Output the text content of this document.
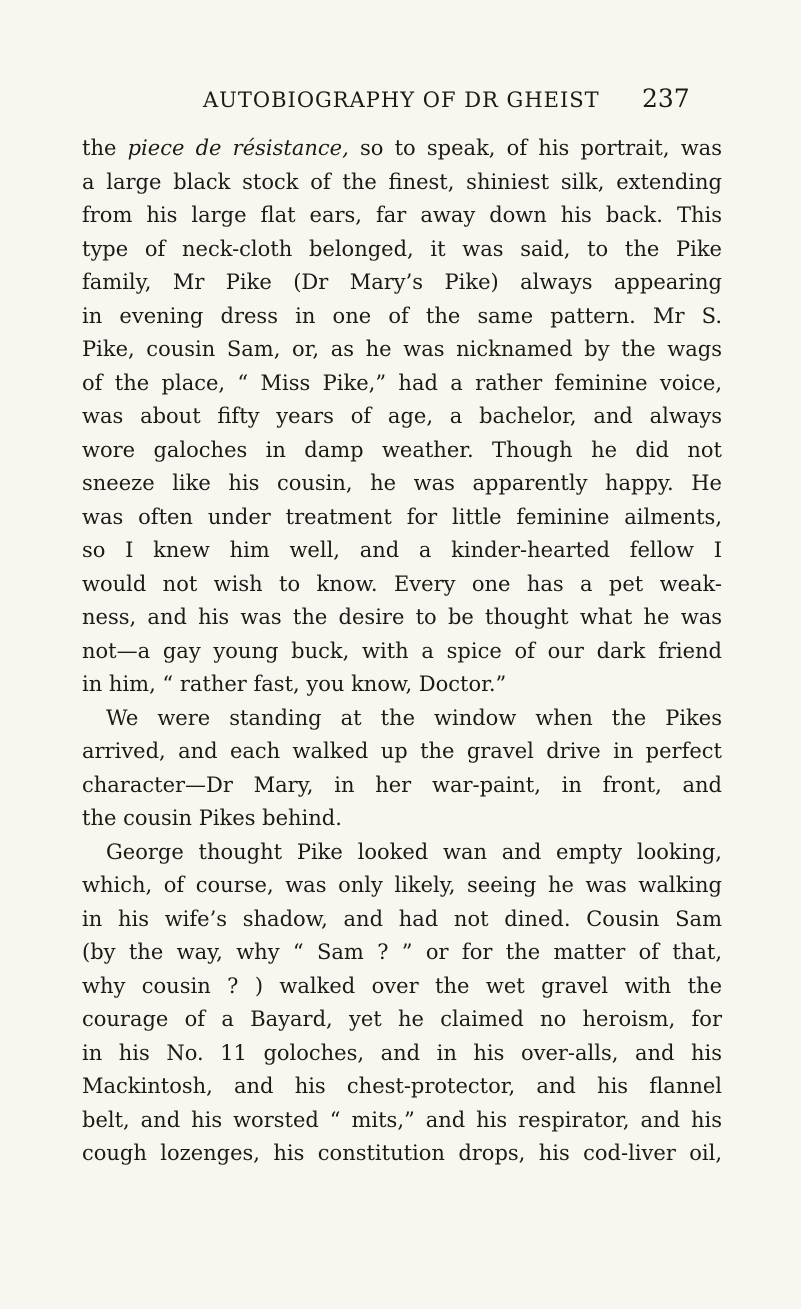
AUTOBIOGRAPHY OF DR GHEIST 237
the piece de résistance, so to speak, of his portrait, was
a large black stock of the finest, shiniest silk, extending
from his large flat ears, far away down his back. This
type of neck-cloth belonged, it was said, to the Pike
family, Mr Pike (Dr Mary’s Pike) always appearing
in evening dress in one of the same pattern. Mr S.
Pike, cousin Sam, or, as he was nicknamed by the wags
of the place, “ Miss Pike,” had a rather feminine voice,
was about fifty years of age, a bachelor, and always
wore galoches in damp weather. Though he did not
sneeze like his cousin, he was apparently happy. He
was often under treatment for little feminine ailments,
so I knew him well, and a kinder-hearted fellow I
would not wish to know. Every one has a pet weak-
ness, and his was the desire to be thought what he was
not—a gay young buck, with a spice of our dark friend
in him, “ rather fast, you know, Doctor.”
We were standing at the window when the Pikes
arrived, and each walked up the gravel drive in perfect
character—Dr Mary, in her war-paint, in front, and
the cousin Pikes behind.
George thought Pike looked wan and empty looking,
which, of course, was only likely, seeing he was walking
in his wife’s shadow, and had not dined. Cousin Sam
(by the way, why “ Sam ? ” or for the matter of that,
why cousin ? ) walked over the wet gravel with the
courage of a Bayard, yet he claimed no heroism, for
in his No. 11 goloches, and in his over-alls, and his
Mackintosh, and his chest-protector, and his flannel
belt, and his worsted “ mits,” and his respirator, and his
cough lozenges, his constitution drops, his cod-liver oil,
